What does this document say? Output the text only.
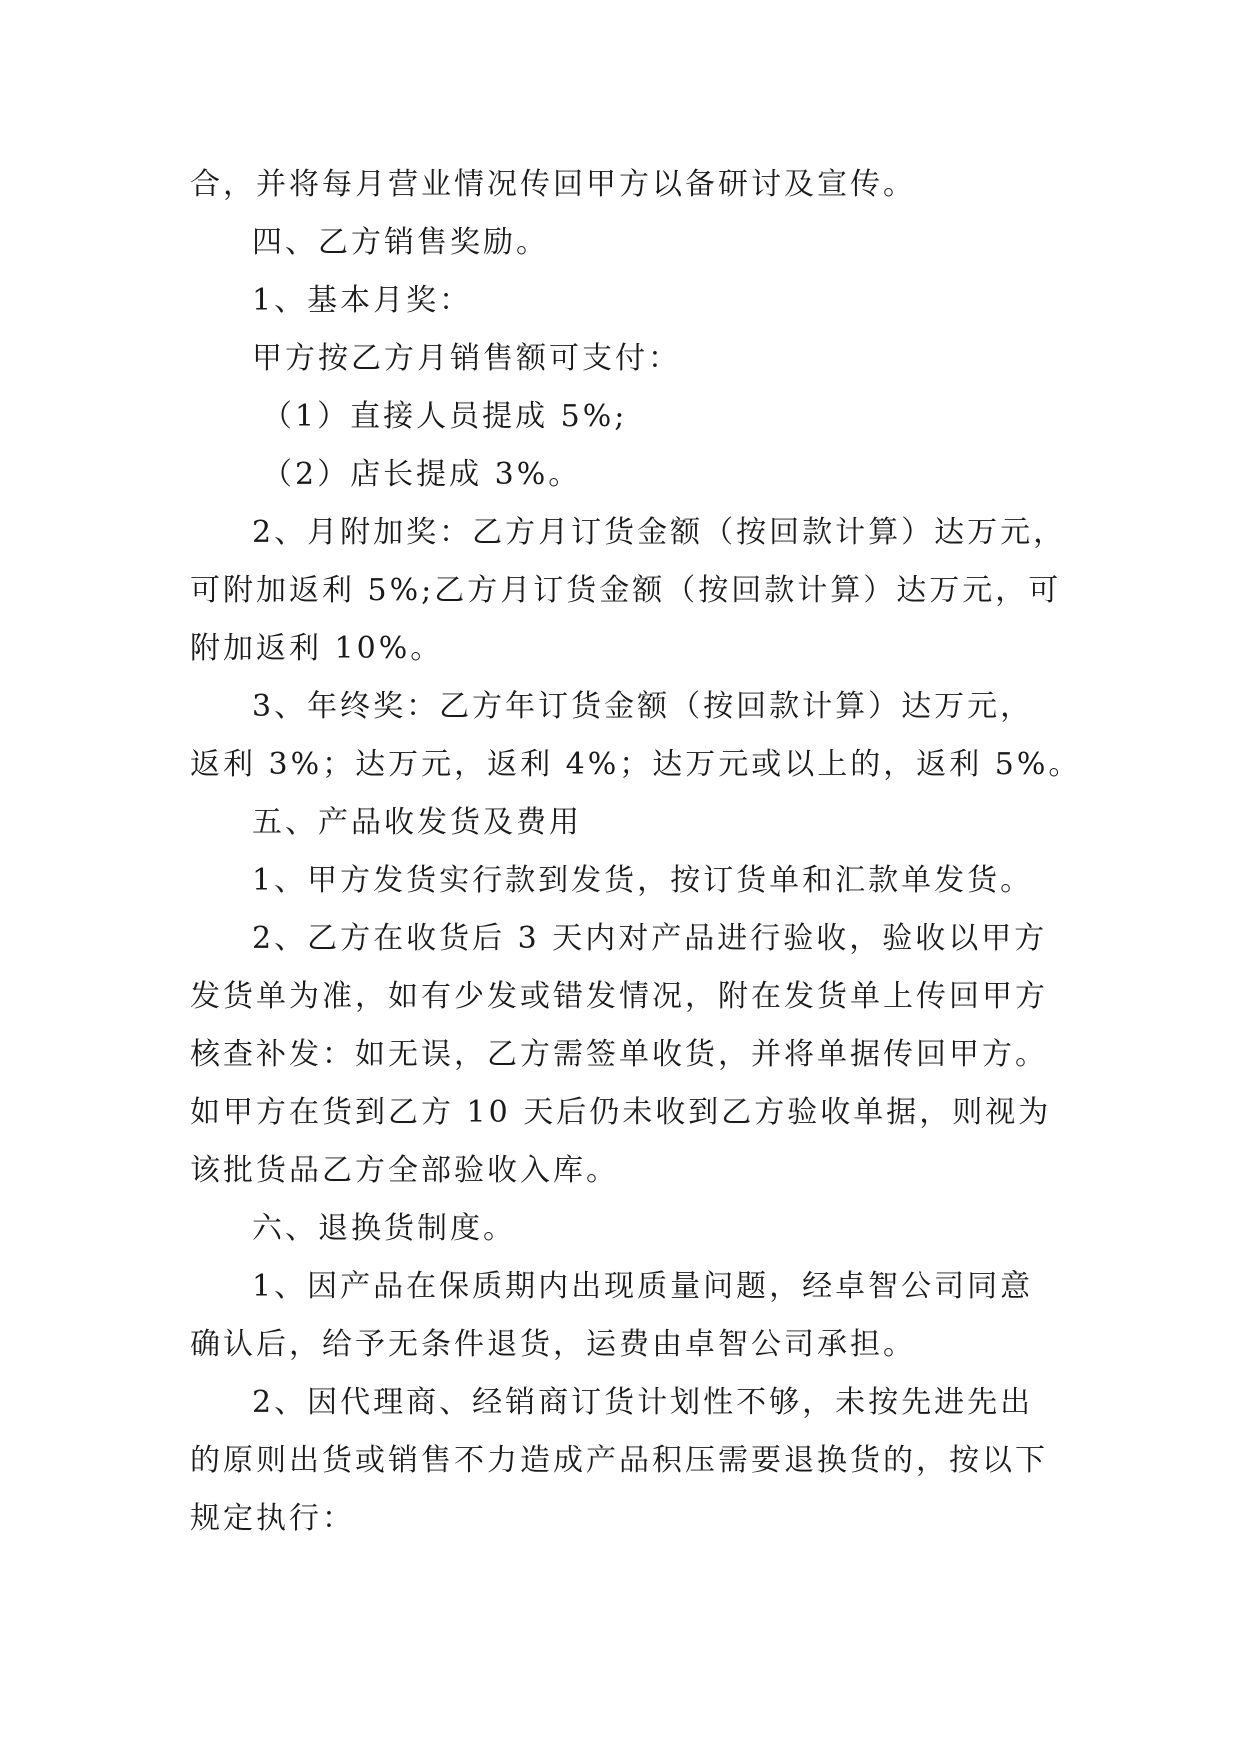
合，并将每月营业情况传回甲方以备研讨及宣传。
四、乙方销售奖励。
1、基本月奖：
甲方按乙方月销售额可支付：
（1）直接人员提成 5%;
（2）店长提成 3%。
2、月附加奖：乙方月订货金额（按回款计算）达万元，
可附加返利 5%;乙方月订货金额（按回款计算）达万元，可
附加返利 10%。
3、年终奖：乙方年订货金额（按回款计算）达万元，
返利 3%；达万元，返利 4%；达万元或以上的，返利 5%。
五、产品收发货及费用
1、甲方发货实行款到发货，按订货单和汇款单发货。
2、乙方在收货后 3 天内对产品进行验收，验收以甲方
发货单为准，如有少发或错发情况，附在发货单上传回甲方
核查补发：如无误，乙方需签单收货，并将单据传回甲方。
如甲方在货到乙方 10 天后仍未收到乙方验收单据，则视为
该批货品乙方全部验收入库。
六、退换货制度。
1、因产品在保质期内出现质量问题，经卓智公司同意
确认后，给予无条件退货，运费由卓智公司承担。
2、因代理商、经销商订货计划性不够，未按先进先出
的原则出货或销售不力造成产品积压需要退换货的，按以下
规定执行：
